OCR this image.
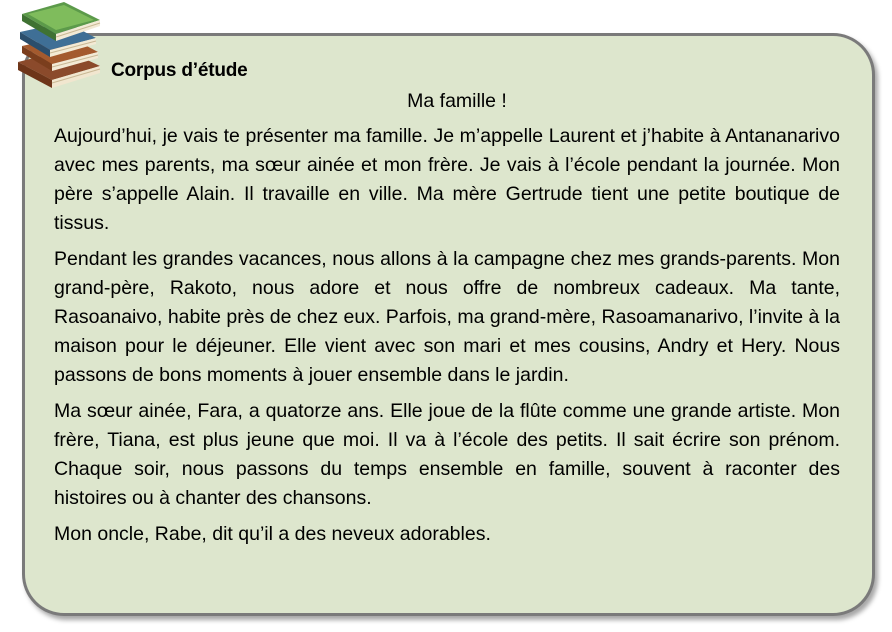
Corpus d’étude
Ma famille !

Aujourd’hui, je vais te présenter ma famille. Je m’appelle Laurent et j’habite à Antananarivo avec mes parents, ma sœur ainée et mon frère. Je vais à l’école pendant la journée. Mon père s’appelle Alain. Il travaille en ville. Ma mère Gertrude tient une petite boutique de tissus.

Pendant les grandes vacances, nous allons à la campagne chez mes grands-parents. Mon grand-père, Rakoto, nous adore et nous offre de nombreux cadeaux. Ma tante, Rasoanaivo, habite près de chez eux. Parfois, ma grand-mère, Rasoamanarivo, l’invite à la maison pour le déjeuner. Elle vient avec son mari et mes cousins, Andry et Hery. Nous passons de bons moments à jouer ensemble dans le jardin.

Ma sœur ainée, Fara, a quatorze ans. Elle joue de la flûte comme une grande artiste. Mon frère, Tiana, est plus jeune que moi. Il va à l’école des petits. Il sait écrire son prénom. Chaque soir, nous passons du temps ensemble en famille, souvent à raconter des histoires ou à chanter des chansons.

Mon oncle, Rabe, dit qu’il a des neveux adorables.
